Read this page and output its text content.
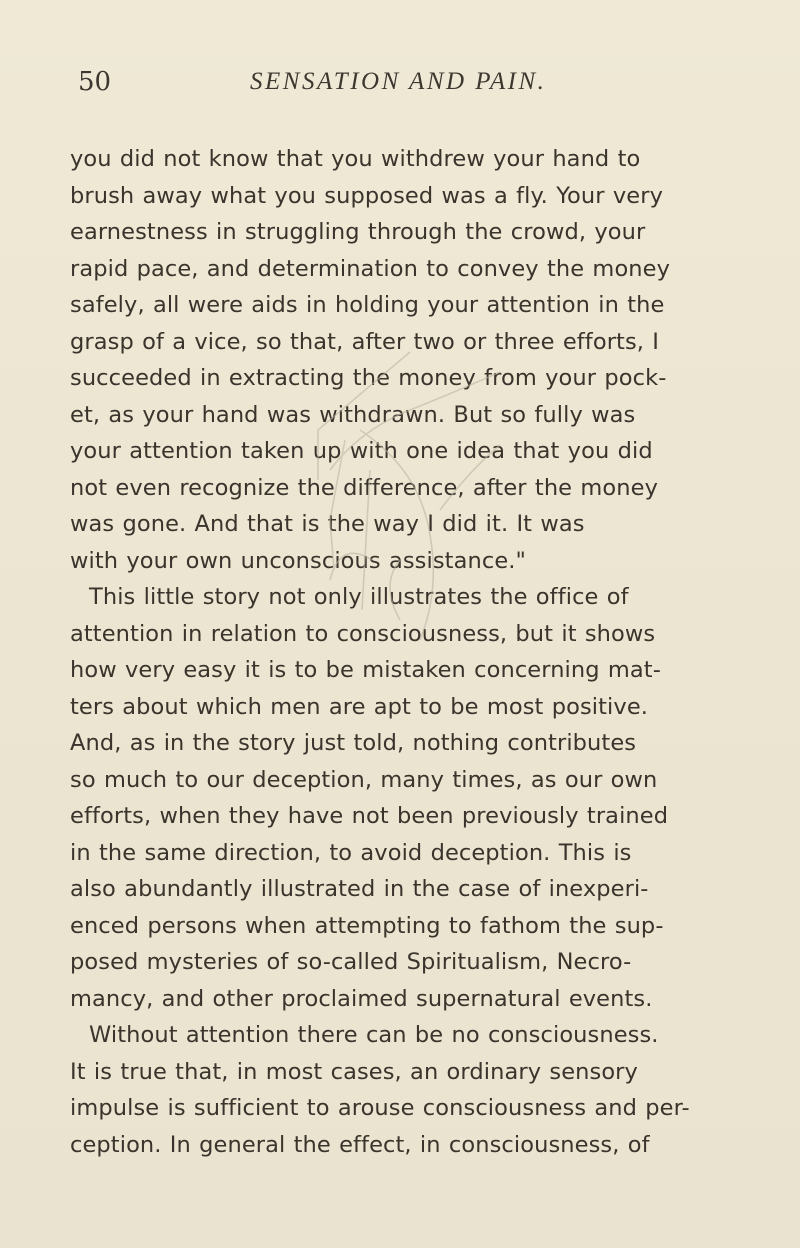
50	SENSATION AND PAIN.
you did not know that you withdrew your hand to
brush away what you supposed was a fly. Your very
earnestness in struggling through the crowd, your
rapid pace, and determination to convey the money
safely, all were aids in holding your attention in the
grasp of a vice, so that, after two or three efforts, I
succeeded in extracting the money from your pock-
et, as your hand was withdrawn. But so fully was
your attention taken up with one idea that you did
not even recognize the difference, after the money
was gone. And that is the way I did it. It was
with your own unconscious assistance."
This little story not only illustrates the office of
attention in relation to consciousness, but it shows
how very easy it is to be mistaken concerning mat-
ters about which men are apt to be most positive.
And, as in the story just told, nothing contributes
so much to our deception, many times, as our own
efforts, when they have not been previously trained
in the same direction, to avoid deception. This is
also abundantly illustrated in the case of inexperi-
enced persons when attempting to fathom the sup-
posed mysteries of so-called Spiritualism, Necro-
mancy, and other proclaimed supernatural events.
Without attention there can be no consciousness.
It is true that, in most cases, an ordinary sensory
impulse is sufficient to arouse consciousness and per-
ception. In general the effect, in consciousness, of
